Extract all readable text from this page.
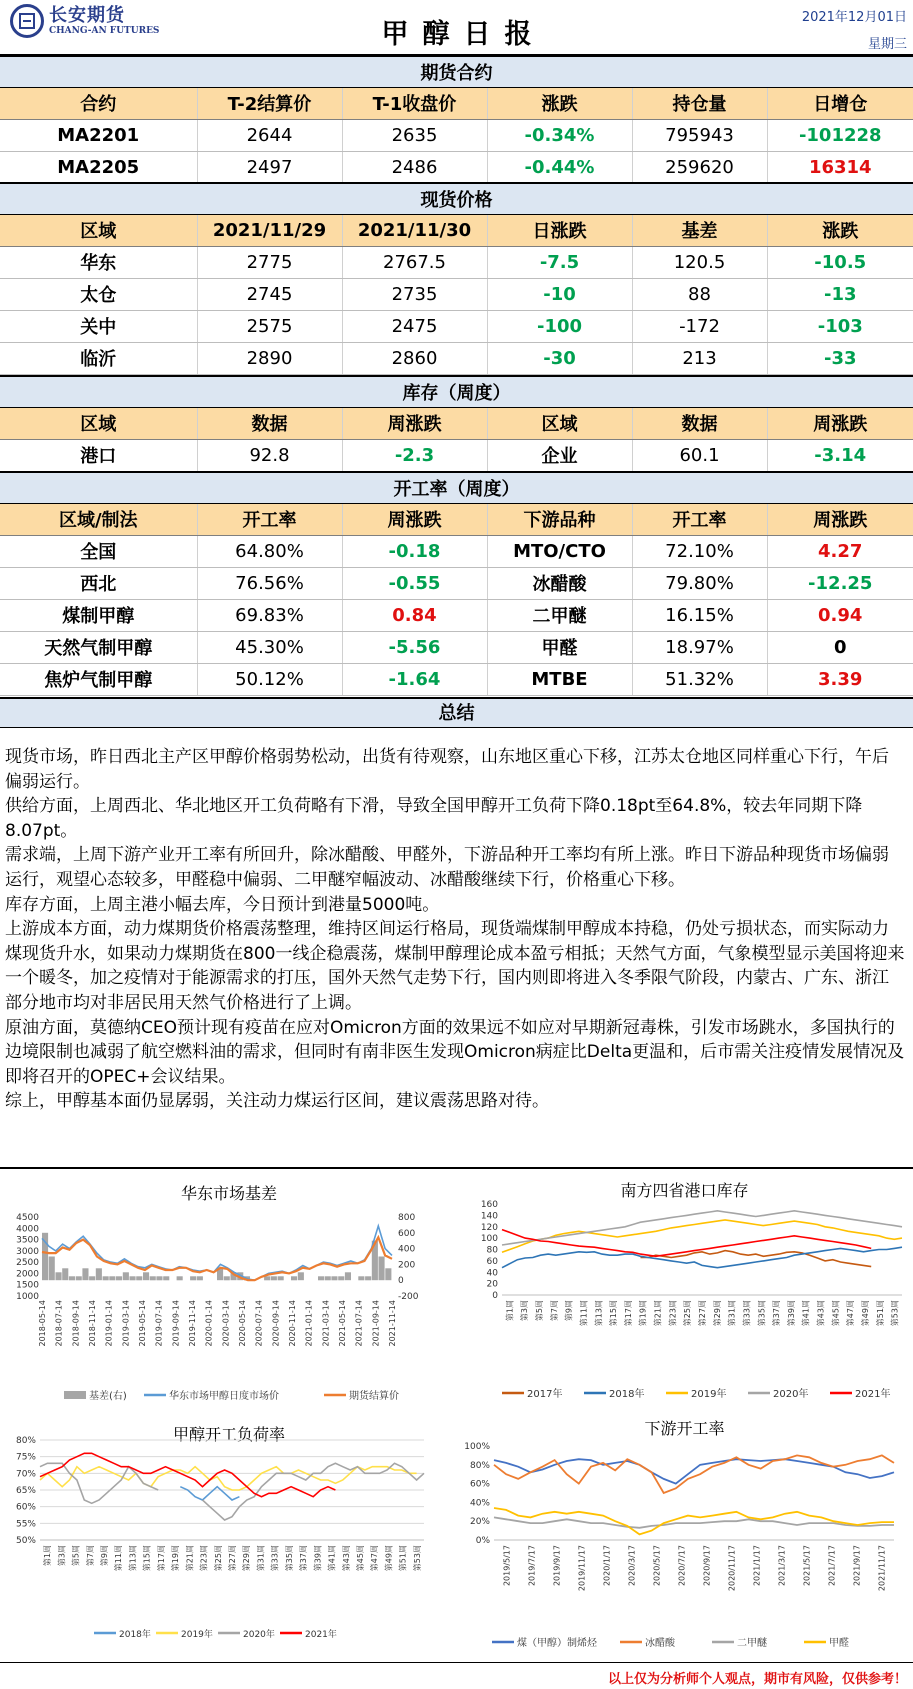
长安期货
CHANG-AN FUTURES	甲醇日报
2021年12月01日
星期三
期货合约					
合约	T-2结算价	T-1收盘价	涨跌	持仓量	日增仓
MA2201	2644	2635	-0.34%	795943	-101228
MA2205	2497	2486	-0.44%	259620	16314
现货价格					
区域	2021/11/29	2021/11/30	日涨跌	基差	涨跌
华东	2775	2767.5	-7.5	120.5	-10.5
太仓	2745	2735	-10	88	-13
关中	2575	2475	-100	-172	-103
临沂	2890	2860	-30	213	-33
库存（周度）					
区域	数据	周涨跌	区域	数据	周涨跌
港口	92.8	-2.3	企业	60.1	-3.14
开工率（周度）					
区域/制法	开工率	周涨跌	下游品种	开工率	周涨跌
全国	64.80%	-0.18	MTO/CTO	72.10%	4.27
西北	76.56%	-0.55	冰醋酸	79.80%	-12.25
煤制甲醇	69.83%	0.84	二甲醚	16.15%	0.94
天然气制甲醇	45.30%	-5.56	甲醛	18.97%	0
焦炉气制甲醇	50.12%	-1.64	MTBE	51.32%	3.39
总结

现货市场，昨日西北主产区甲醇价格弱势松动，出货有待观察，山东地区重心下移，江苏太仓地区同样重心下行，午后偏弱运行。

供给方面，上周西北、华北地区开工负荷略有下滑，导致全国甲醇开工负荷下降0.18pt至64.8%，较去年同期下降8.07pt。

需求端，上周下游产业开工率有所回升，除冰醋酸、甲醛外，下游品种开工率均有所上涨。昨日下游品种现货市场偏弱运行，观望心态较多，甲醛稳中偏弱、二甲醚窄幅波动、冰醋酸继续下行，价格重心下移。

库存方面，上周主港小幅去库，今日预计到港量5000吨。

上游成本方面，动力煤期货价格震荡整理，维持区间运行格局，现货端煤制甲醇成本持稳，仍处亏损状态，而实际动力煤现货升水，如果动力煤期货在800一线企稳震荡，煤制甲醇理论成本盈亏相抵；天然气方面，气象模型显示美国将迎来一个暖冬，加之疫情对于能源需求的打压，国外天然气走势下行，国内则即将进入冬季限气阶段，内蒙古、广东、浙江部分地市均对非居民用天然气价格进行了上调。

原油方面，莫德纳CEO预计现有疫苗在应对Omicron方面的效果远不如应对早期新冠毒株，引发市场跳水，多国执行的边境限制也减弱了航空燃料油的需求，但同时有南非医生发现Omicron病症比Delta更温和，后市需关注疫情发展情况及即将召开的OPEC+会议结果。

综上，甲醇基本面仍显孱弱，关注动力煤运行区间，建议震荡思路对待。

华东市场基差
4500
4000
3500
3000
2500
2000
1500
1000
800
600
400
200
0
-200
2018-05-14 2018-07-14 2018-09-14 2018-11-14 2019-01-14 2019-03-14 2019-05-14 2019-07-14 2019-09-14 2019-11-14 2020-01-14 2020-03-14 2020-05-14 2020-07-14 2020-09-14 2020-11-14 2021-01-14 2021-03-14 2021-05-14 2021-07-14 2021-09-14 2021-11-14
基差(右)	华东市场甲醇日度市场价	期货结算价
南方四省港口库存
160
140
120
100
80
60
40
20
0
第1周 第3周 第5周 第7周 第9周 第11周 第13周 第15周 第17周 第19周 第21周 第23周 第25周 第27周 第29周 第31周 第33周 第35周 第37周 第39周 第41周 第43周 第45周 第47周 第49周 第51周 第53周
2017年	2018年	2019年	2020年	2021年
甲醇开工负荷率
80%
75%
70%
65%
60%
55%
50%
第1周 第3周 第5周 第7周 第9周 第11周 第13周 第15周 第17周 第19周 第21周 第23周 第25周 第27周 第29周 第31周 第33周 第35周 第37周 第39周 第41周 第43周 第45周 第47周 第49周 第51周 第53周
2018年	2019年	2020年	2021年
下游开工率
100%
80%
60%
40%
20%
0%
2019/5/17 2019/7/17 2019/9/17 2019/11/17 2020/1/17 2020/3/17 2020/5/17 2020/7/17 2020/9/17 2020/11/17 2021/1/17 2021/3/17 2021/5/17 2021/7/17 2021/9/17 2021/11/17
煤（甲醇）制烯烃	冰醋酸	二甲醚	甲醛
以上仅为分析师个人观点，期市有风险，仅供参考！
